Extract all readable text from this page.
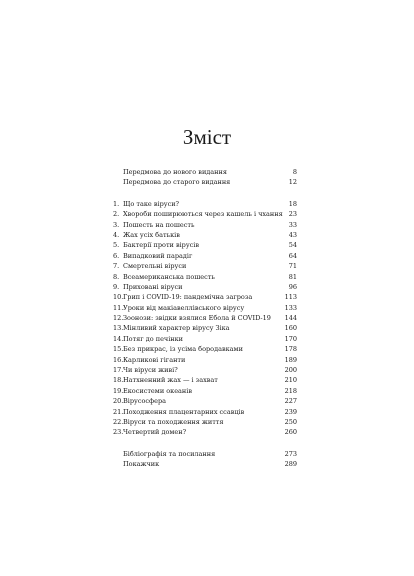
Зміст
Передмова до нового видання	8
Передмова до старого видання	12
1. Що таке віруси?	18
2. Хвороби поширюються через кашель і чхання 23
3. Пошесть на пошесть	33
4. Жах усіх батьків	43
5. Бактерії проти вірусів	54
6. Випадковий парадіг	64
7. Смертельні віруси	71
8. Всеамериканська пошесть	81
9. Приховані віруси	96
10. Грип і COVID-19: пандемічна загроза	113
11. Уроки від макіавеллівського вірусу	133
12. Зоонози: звідки взялися Ебола й COVID-19 144
13. Мінливий характер вірусу Зіка	160
14. Потяг до печінки	170
15. Без прикрас, із усіма бородавками	178
16. Карликові гіганти	189
17. Чи віруси живі?	200
18. Натхненний жах — і захват	210
19. Екосистеми океанів	218
20. Вірусосфера	227
21. Походження плацентарних ссавців	239
22. Віруси та походження життя	250
23. Четвертий домен?	260
Бібліографія та посилання	273
Покажчик	289
